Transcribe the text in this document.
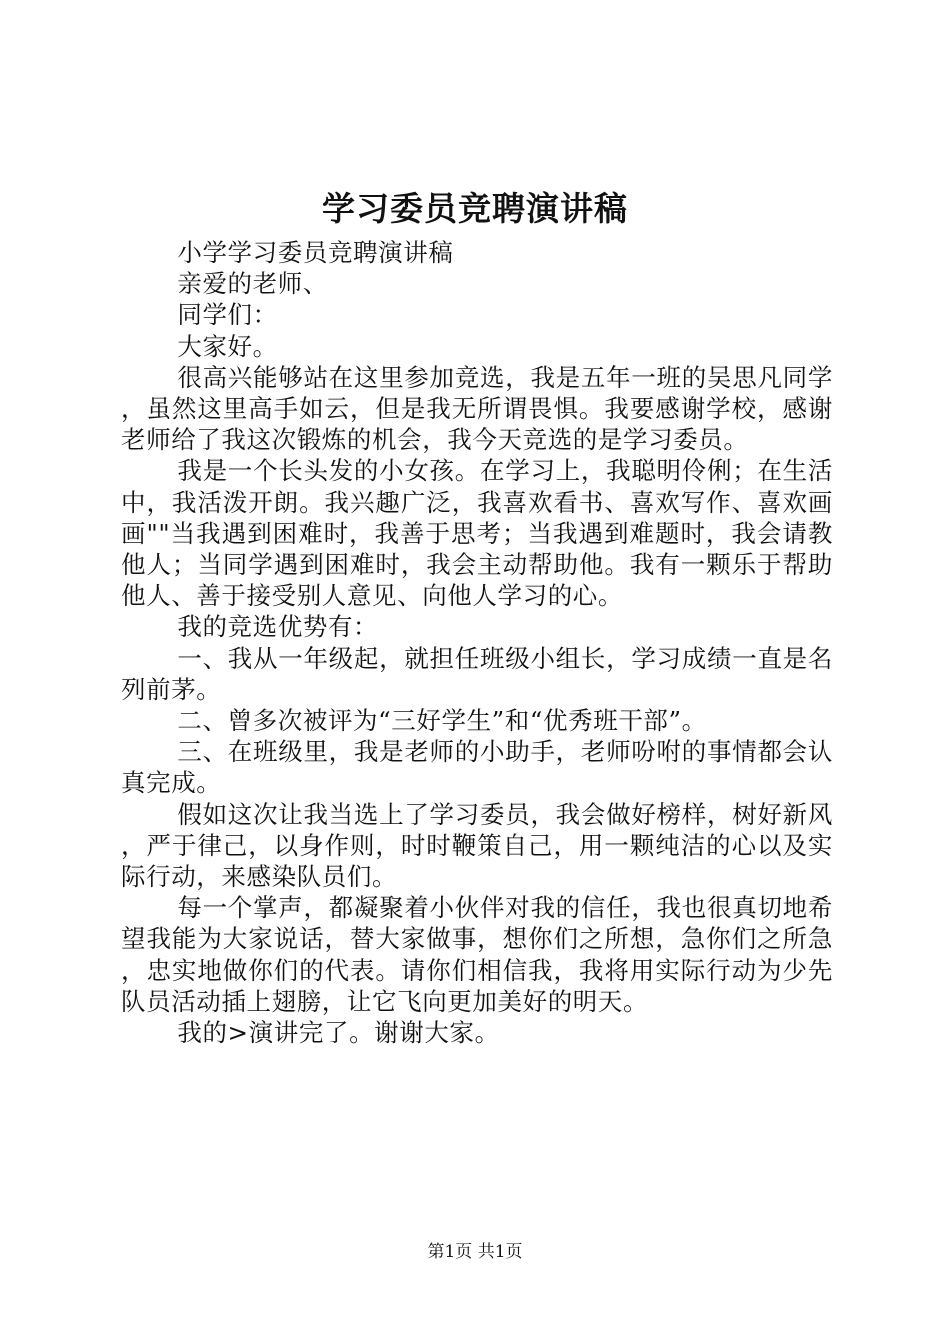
学习委员竞聘演讲稿

小学学习委员竞聘演讲稿

亲爱的老师、

同学们：

大家好。

很高兴能够站在这里参加竞选，我是五年一班的吴思凡同学，虽然这里高手如云，但是我无所谓畏惧。我要感谢学校，感谢老师给了我这次锻炼的机会，我今天竞选的是学习委员。

我是一个长头发的小女孩。在学习上，我聪明伶俐；在生活中，我活泼开朗。我兴趣广泛，我喜欢看书、喜欢写作、喜欢画画""当我遇到困难时，我善于思考；当我遇到难题时，我会请教他人；当同学遇到困难时，我会主动帮助他。我有一颗乐于帮助他人、善于接受别人意见、向他人学习的心。

我的竞选优势有：

一、我从一年级起，就担任班级小组长，学习成绩一直是名列前茅。

二、曾多次被评为“三好学生”和“优秀班干部”。

三、在班级里，我是老师的小助手，老师吩咐的事情都会认真完成。

假如这次让我当选上了学习委员，我会做好榜样，树好新风，严于律己，以身作则，时时鞭策自己，用一颗纯洁的心以及实际行动，来感染队员们。

每一个掌声，都凝聚着小伙伴对我的信任，我也很真切地希望我能为大家说话，替大家做事，想你们之所想，急你们之所急，忠实地做你们的代表。请你们相信我，我将用实际行动为少先队员活动插上翅膀，让它飞向更加美好的明天。

我的>演讲完了。谢谢大家。

第1页 共1页
